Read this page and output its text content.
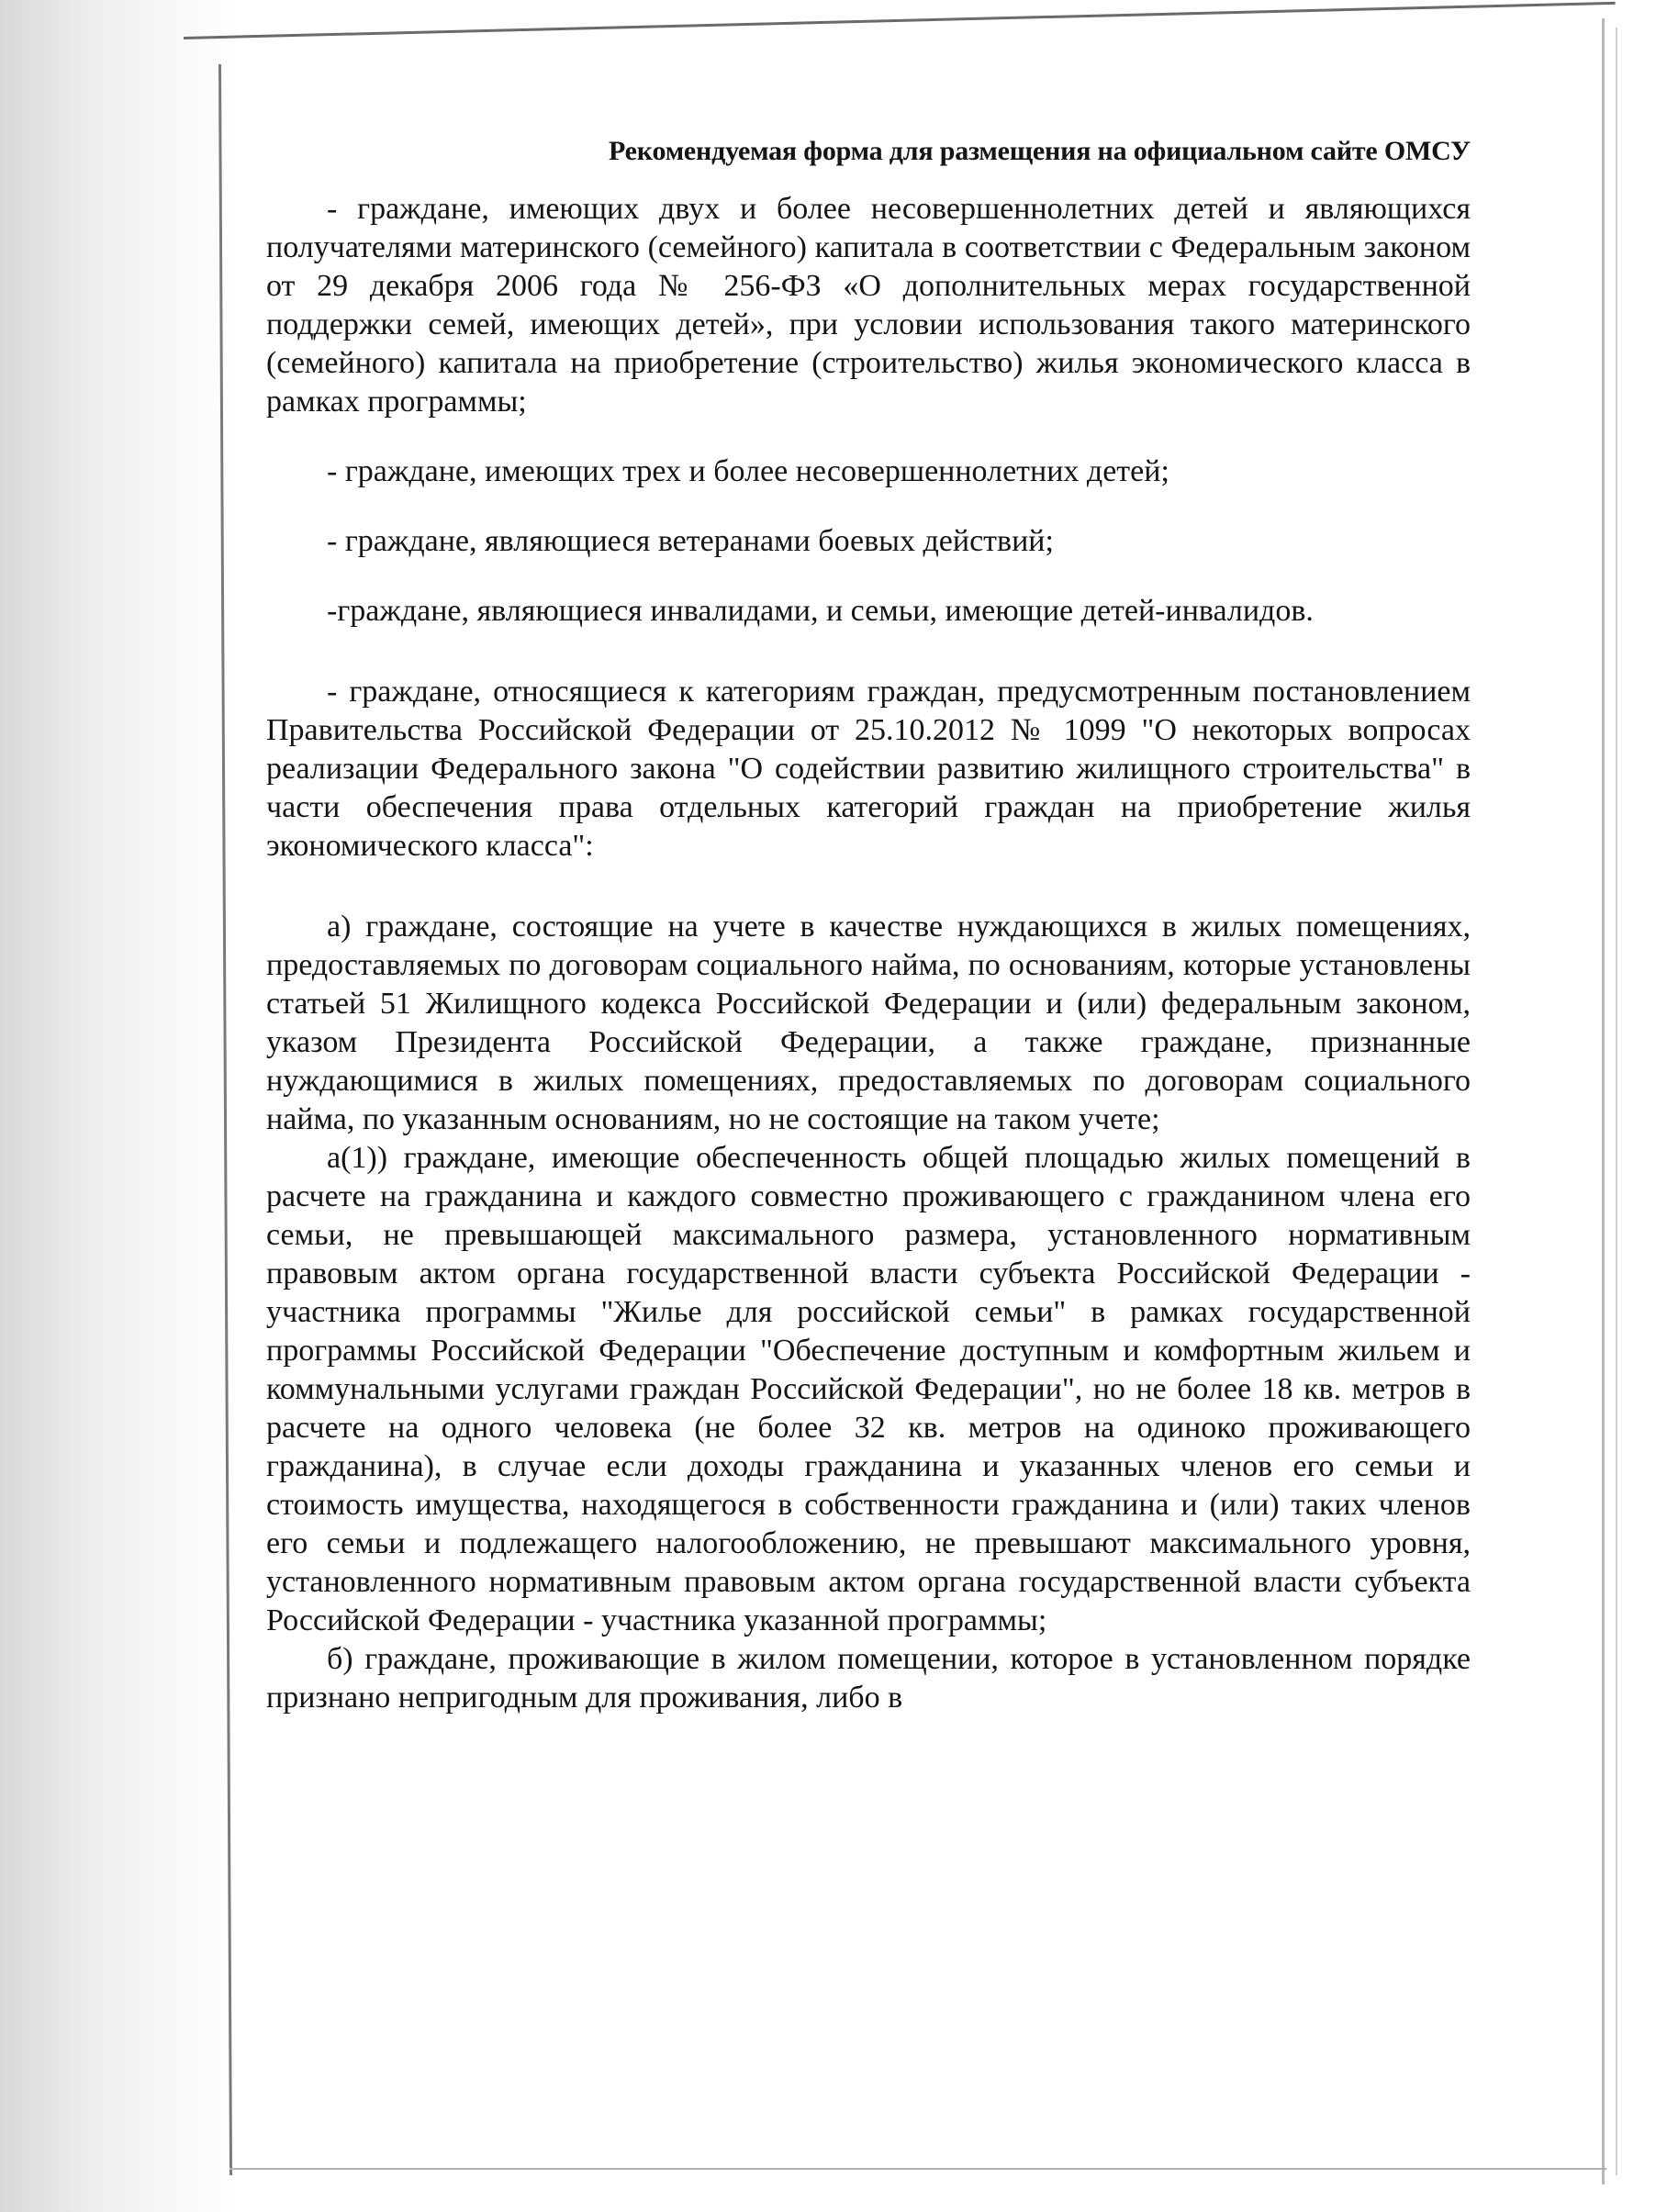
Рекомендуемая форма для размещения на официальном сайте ОМСУ

- граждане, имеющих двух и более несовершеннолетних детей и являющихся получателями материнского (семейного) капитала в соответствии с Федеральным законом от 29 декабря 2006 года № 256-ФЗ «О дополнительных мерах государственной поддержки семей, имеющих детей», при условии использования такого материнского (семейного) капитала на приобретение (строительство) жилья экономического класса в рамках программы;

- граждане, имеющих трех и более несовершеннолетних детей;

- граждане, являющиеся ветеранами боевых действий;

-граждане, являющиеся инвалидами, и семьи, имеющие детей-инвалидов.

- граждане, относящиеся к категориям граждан, предусмотренным постановлением Правительства Российской Федерации от 25.10.2012 № 1099 "О некоторых вопросах реализации Федерального закона "О содействии развитию жилищного строительства" в части обеспечения права отдельных категорий граждан на приобретение жилья экономического класса":

а) граждане, состоящие на учете в качестве нуждающихся в жилых помещениях, предоставляемых по договорам социального найма, по основаниям, которые установлены статьей 51 Жилищного кодекса Российской Федерации и (или) федеральным законом, указом Президента Российской Федерации, а также граждане, признанные нуждающимися в жилых помещениях, предоставляемых по договорам социального найма, по указанным основаниям, но не состоящие на таком учете;

а(1)) граждане, имеющие обеспеченность общей площадью жилых помещений в расчете на гражданина и каждого совместно проживающего с гражданином члена его семьи, не превышающей максимального размера, установленного нормативным правовым актом органа государственной власти субъекта Российской Федерации - участника программы "Жилье для российской семьи" в рамках государственной программы Российской Федерации "Обеспечение доступным и комфортным жильем и коммунальными услугами граждан Российской Федерации", но не более 18 кв. метров в расчете на одного человека (не более 32 кв. метров на одиноко проживающего гражданина), в случае если доходы гражданина и указанных членов его семьи и стоимость имущества, находящегося в собственности гражданина и (или) таких членов его семьи и подлежащего налогообложению, не превышают максимального уровня, установленного нормативным правовым актом органа государственной власти субъекта Российской Федерации - участника указанной программы;

б) граждане, проживающие в жилом помещении, которое в установленном порядке признано непригодным для проживания, либо в
